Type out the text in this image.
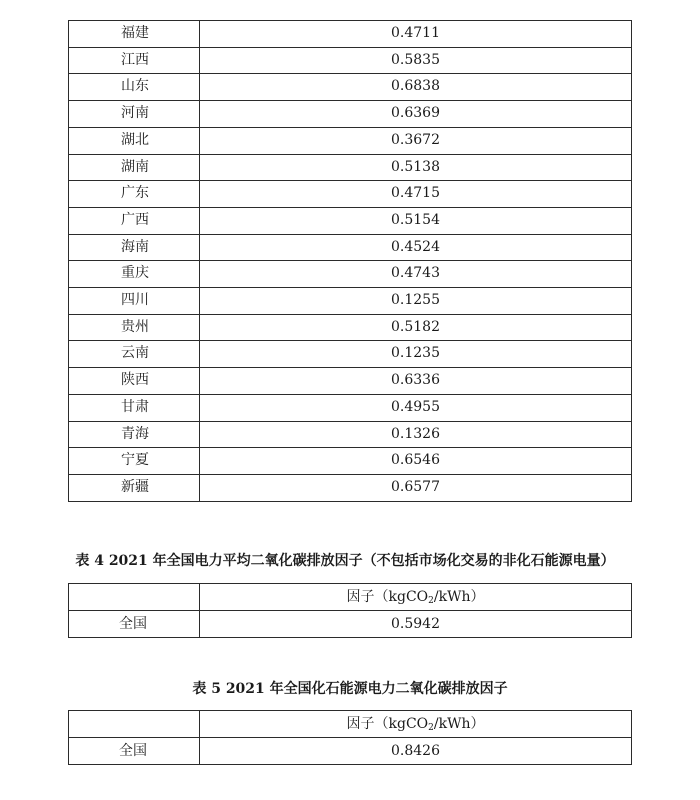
福建	0.4711
江西	0.5835
山东	0.6838
河南	0.6369
湖北	0.3672
湖南	0.5138
广东	0.4715
广西	0.5154
海南	0.4524
重庆	0.4743
四川	0.1255
贵州	0.5182
云南	0.1235
陕西	0.6336
甘肃	0.4955
青海	0.1326
宁夏	0.6546
新疆	0.6577
表 4 2021 年全国电力平均二氧化碳排放因子（不包括市场化交易的非化石能源电量）
	因子（kgCO$_2$/kWh）
全国	0.5942
表 5 2021 年全国化石能源电力二氧化碳排放因子
	因子（kgCO$_2$/kWh）
全国	0.8426
